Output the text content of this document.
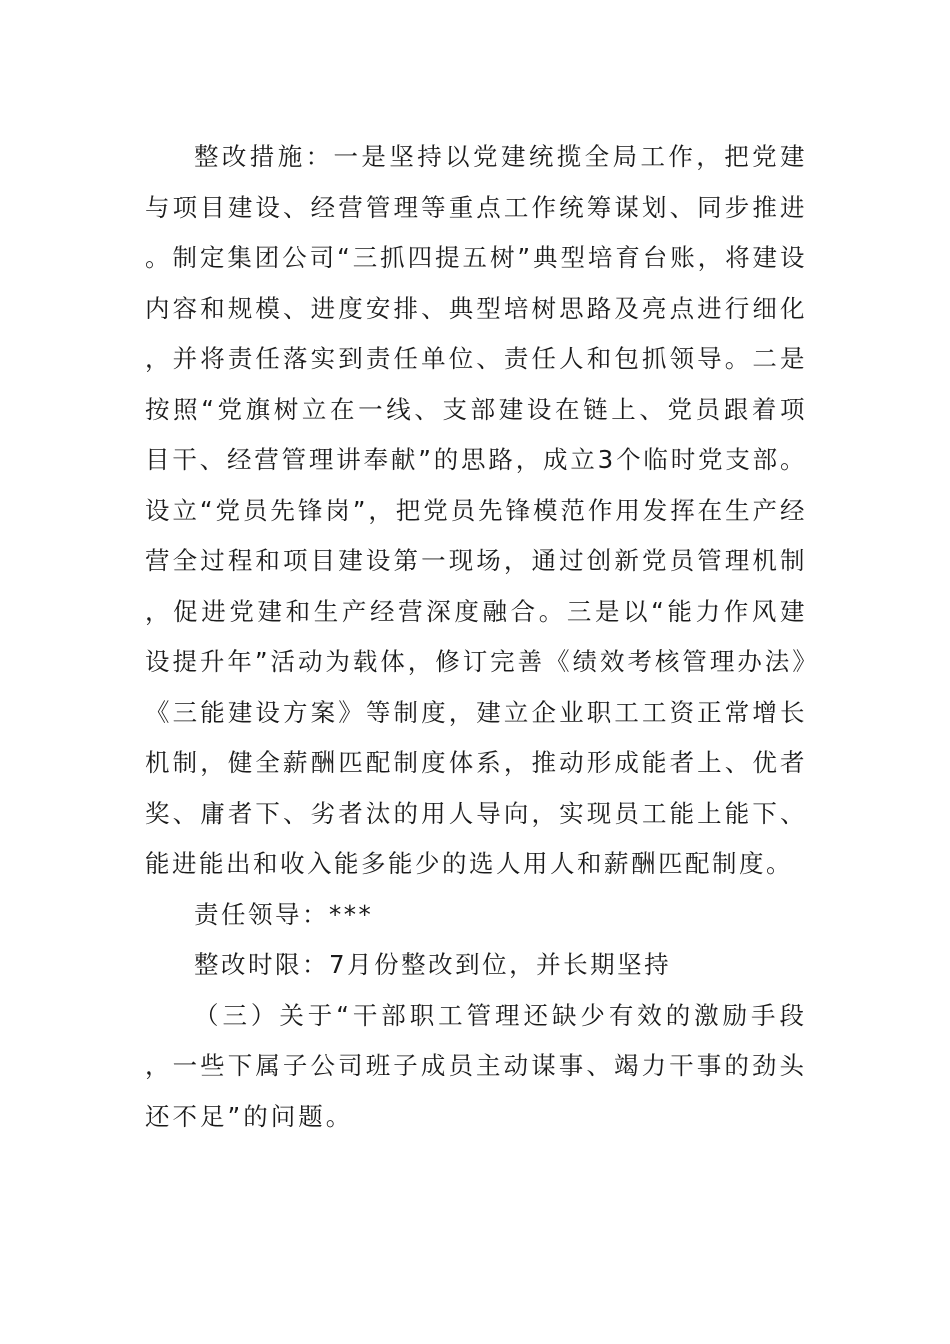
整改措施：一是坚持以党建统揽全局工作，把党建与项目建设、经营管理等重点工作统筹谋划、同步推进。制定集团公司“三抓四提五树”典型培育台账，将建设内容和规模、进度安排、典型培树思路及亮点进行细化，并将责任落实到责任单位、责任人和包抓领导。二是按照“党旗树立在一线、支部建设在链上、党员跟着项目干、经营管理讲奉献”的思路，成立3个临时党支部。设立“党员先锋岗”，把党员先锋模范作用发挥在生产经营全过程和项目建设第一现场，通过创新党员管理机制，促进党建和生产经营深度融合。三是以“能力作风建设提升年”活动为载体，修订完善《绩效考核管理办法》《三能建设方案》等制度，建立企业职工工资正常增长机制，健全薪酬匹配制度体系，推动形成能者上、优者奖、庸者下、劣者汰的用人导向，实现员工能上能下、能进能出和收入能多能少的选人用人和薪酬匹配制度。

责任领导：***

整改时限：7月份整改到位，并长期坚持

（三）关于“干部职工管理还缺少有效的激励手段，一些下属子公司班子成员主动谋事、竭力干事的劲头还不足”的问题。
